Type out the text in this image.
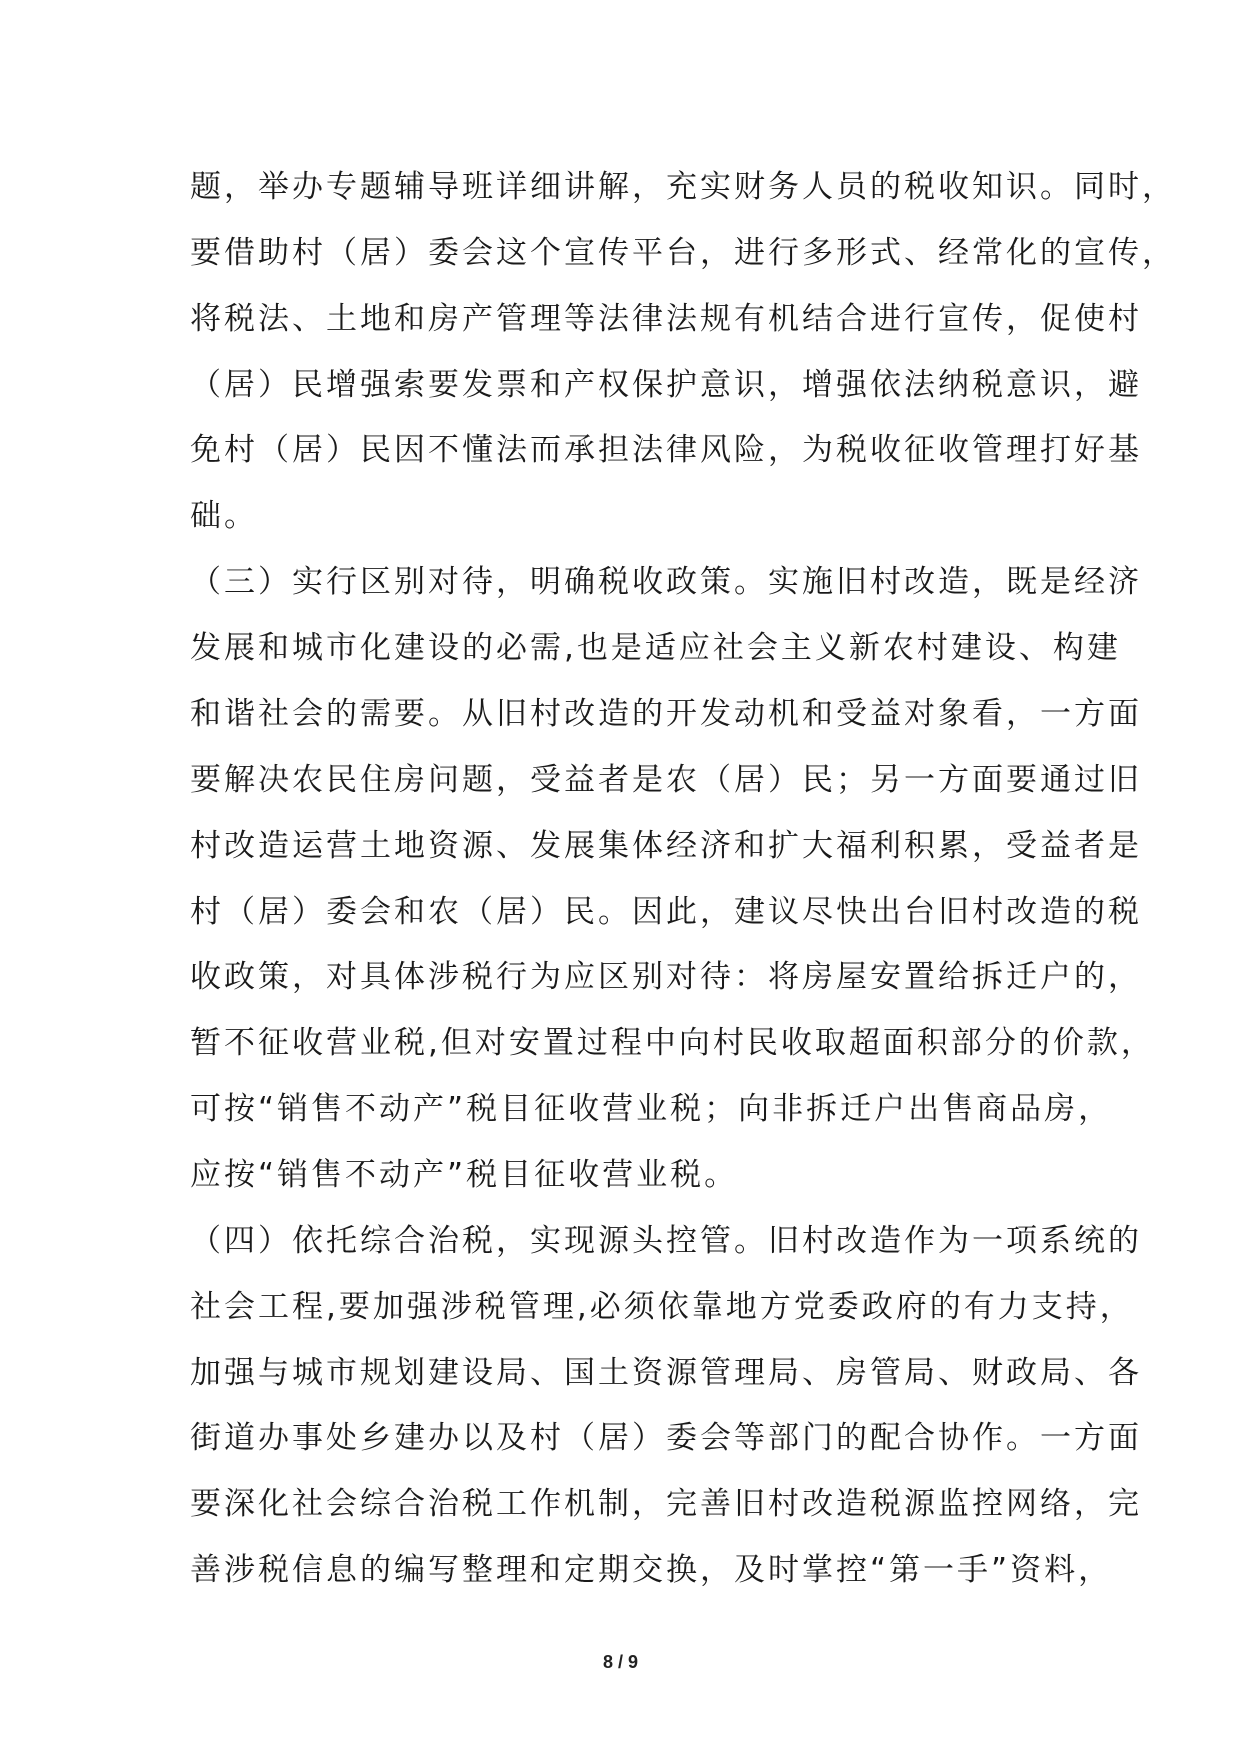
题，举办专题辅导班详细讲解，充实财务人员的税收知识。同时，
要借助村（居）委会这个宣传平台，进行多形式、经常化的宣传，
将税法、土地和房产管理等法律法规有机结合进行宣传，促使村
（居）民增强索要发票和产权保护意识，增强依法纳税意识，避
免村（居）民因不懂法而承担法律风险，为税收征收管理打好基
础。
（三）实行区别对待，明确税收政策。实施旧村改造，既是经济
发展和城市化建设的必需,也是适应社会主义新农村建设、构建
和谐社会的需要。从旧村改造的开发动机和受益对象看，一方面
要解决农民住房问题，受益者是农（居）民；另一方面要通过旧
村改造运营土地资源、发展集体经济和扩大福利积累，受益者是
村（居）委会和农（居）民。因此，建议尽快出台旧村改造的税
收政策，对具体涉税行为应区别对待：将房屋安置给拆迁户的，
暂不征收营业税,但对安置过程中向村民收取超面积部分的价款，
可按“销售不动产”税目征收营业税；向非拆迁户出售商品房，
应按“销售不动产”税目征收营业税。
（四）依托综合治税，实现源头控管。旧村改造作为一项系统的
社会工程,要加强涉税管理,必须依靠地方党委政府的有力支持，
加强与城市规划建设局、国土资源管理局、房管局、财政局、各
街道办事处乡建办以及村（居）委会等部门的配合协作。一方面
要深化社会综合治税工作机制，完善旧村改造税源监控网络，完
善涉税信息的编写整理和定期交换，及时掌控“第一手”资料，
8 / 9
